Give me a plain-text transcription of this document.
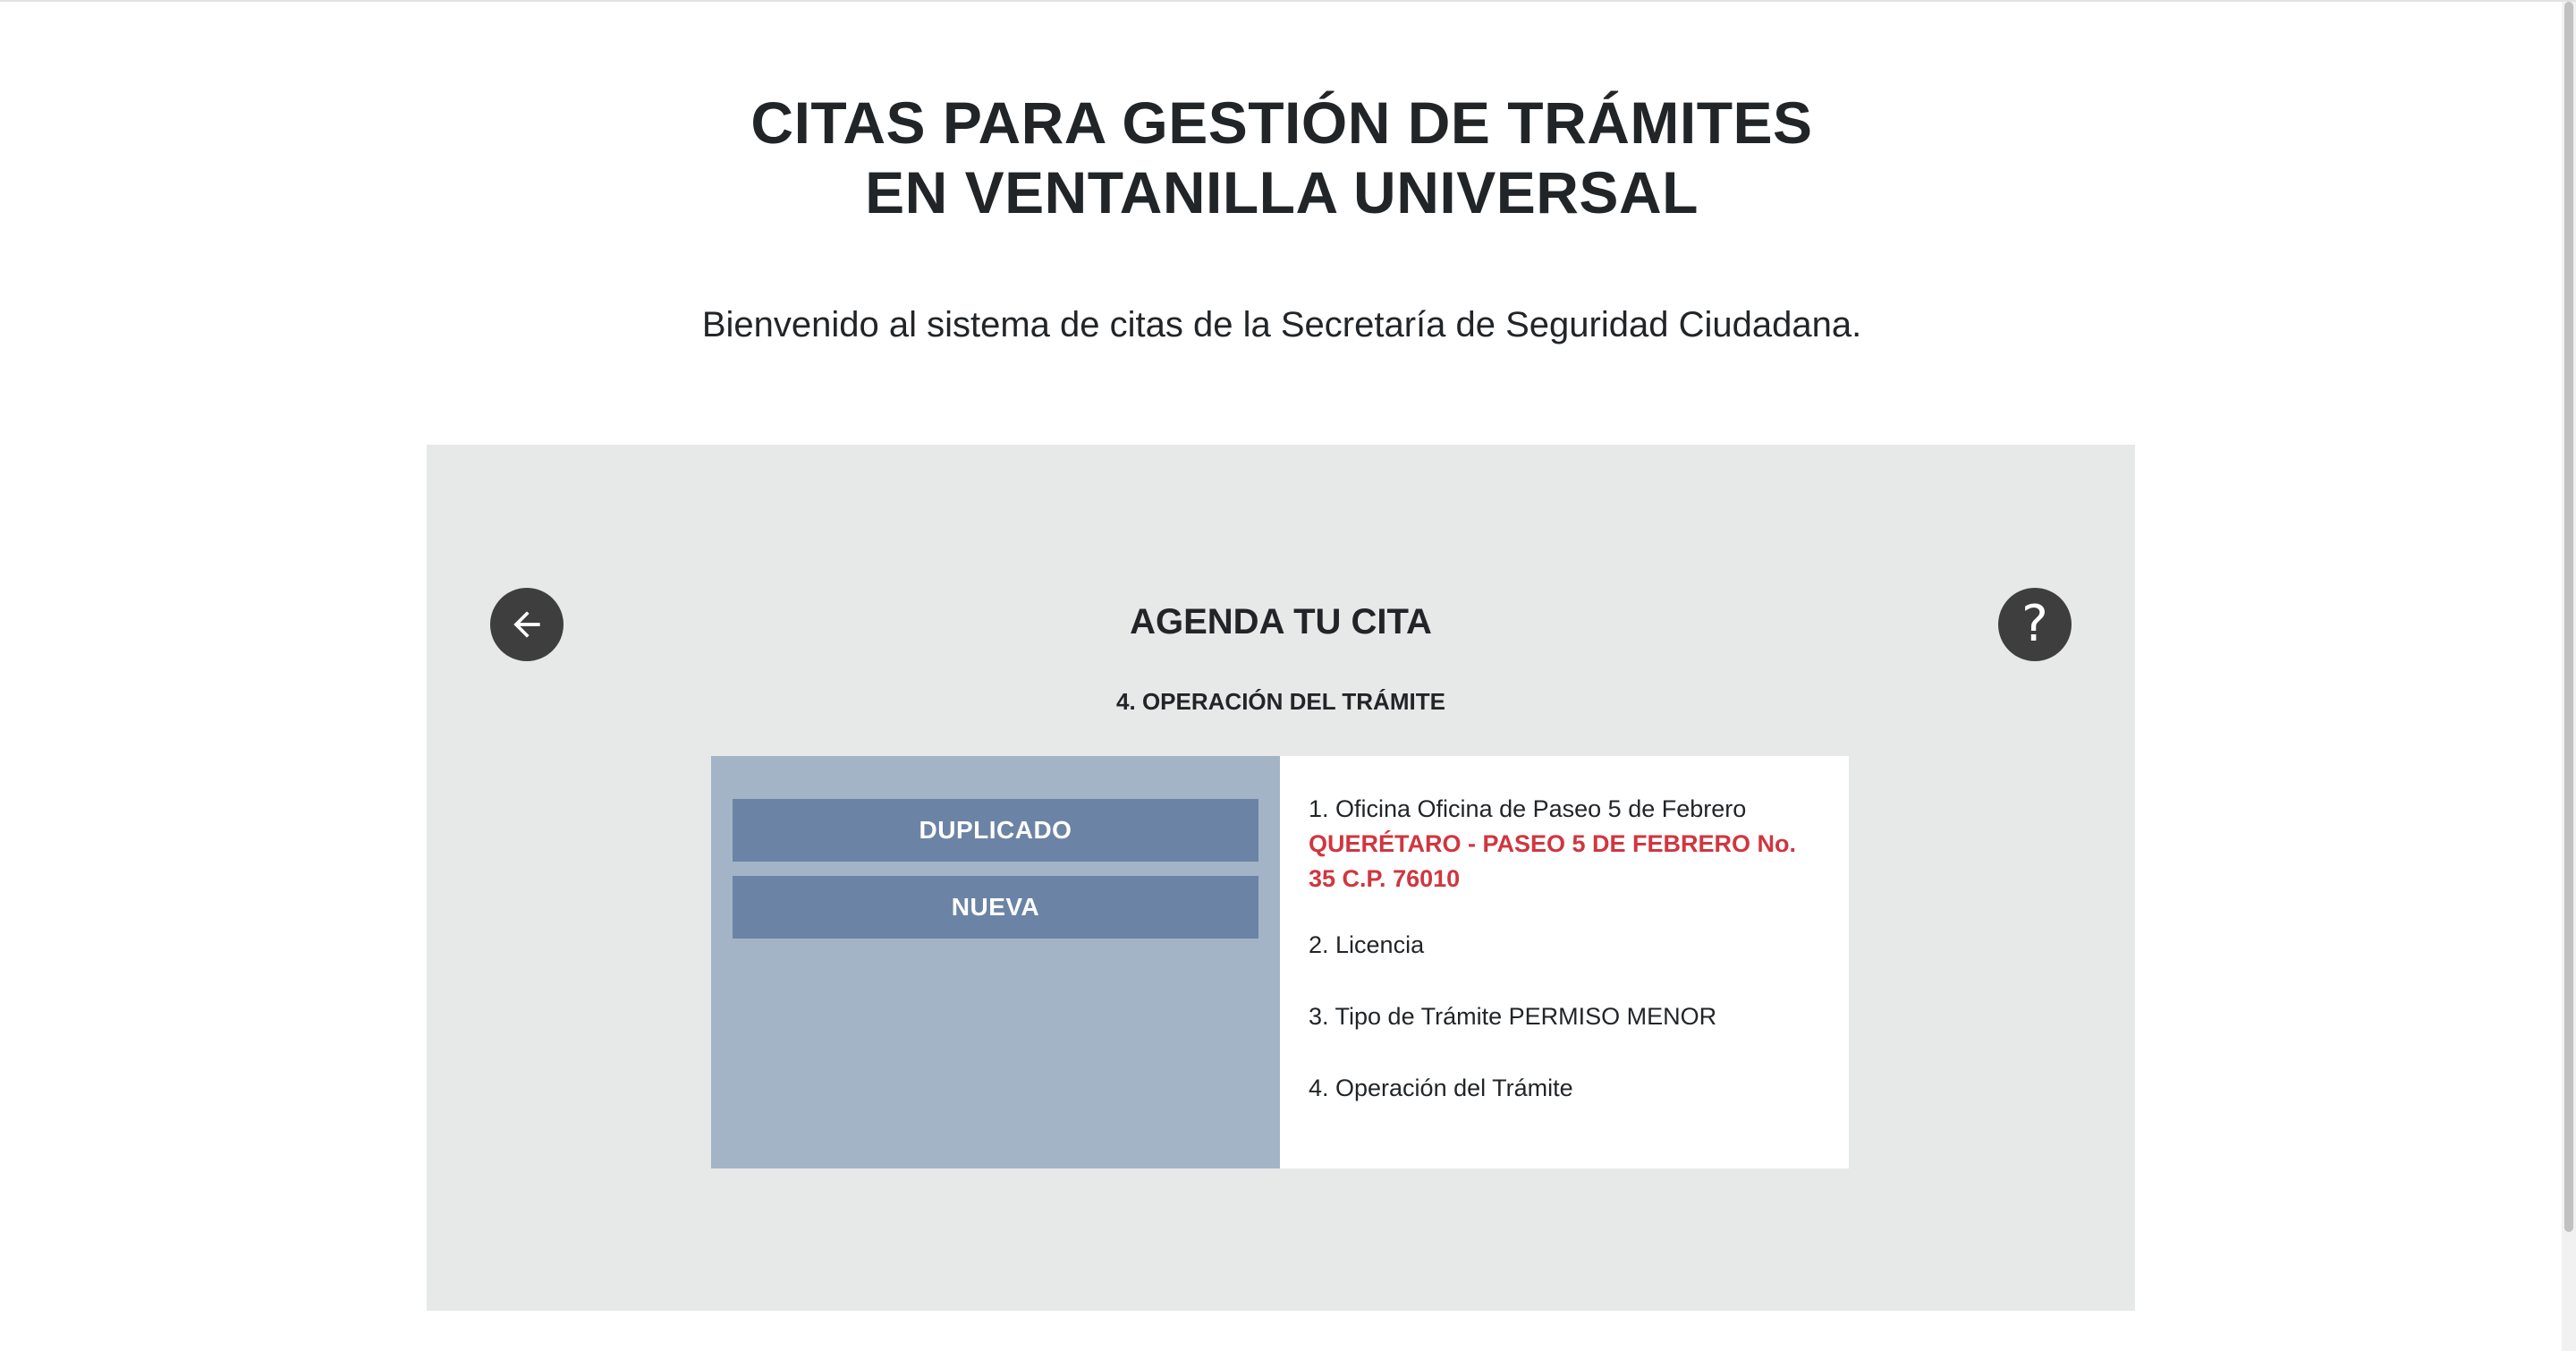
CITAS PARA GESTIÓN DE TRÁMITES
EN VENTANILLA UNIVERSAL

Bienvenido al sistema de citas de la Secretaría de Seguridad Ciudadana.

AGENDA TU CITA	?
4. OPERACIÓN DEL TRÁMITE
DUPLICADO
NUEVA
1. Oficina Oficina de Paseo 5 de Febrero
QUERÉTARO - PASEO 5 DE FEBRERO No. 35 C.P. 76010
2. Licencia
3. Tipo de Trámite PERMISO MENOR
4. Operación del Trámite
